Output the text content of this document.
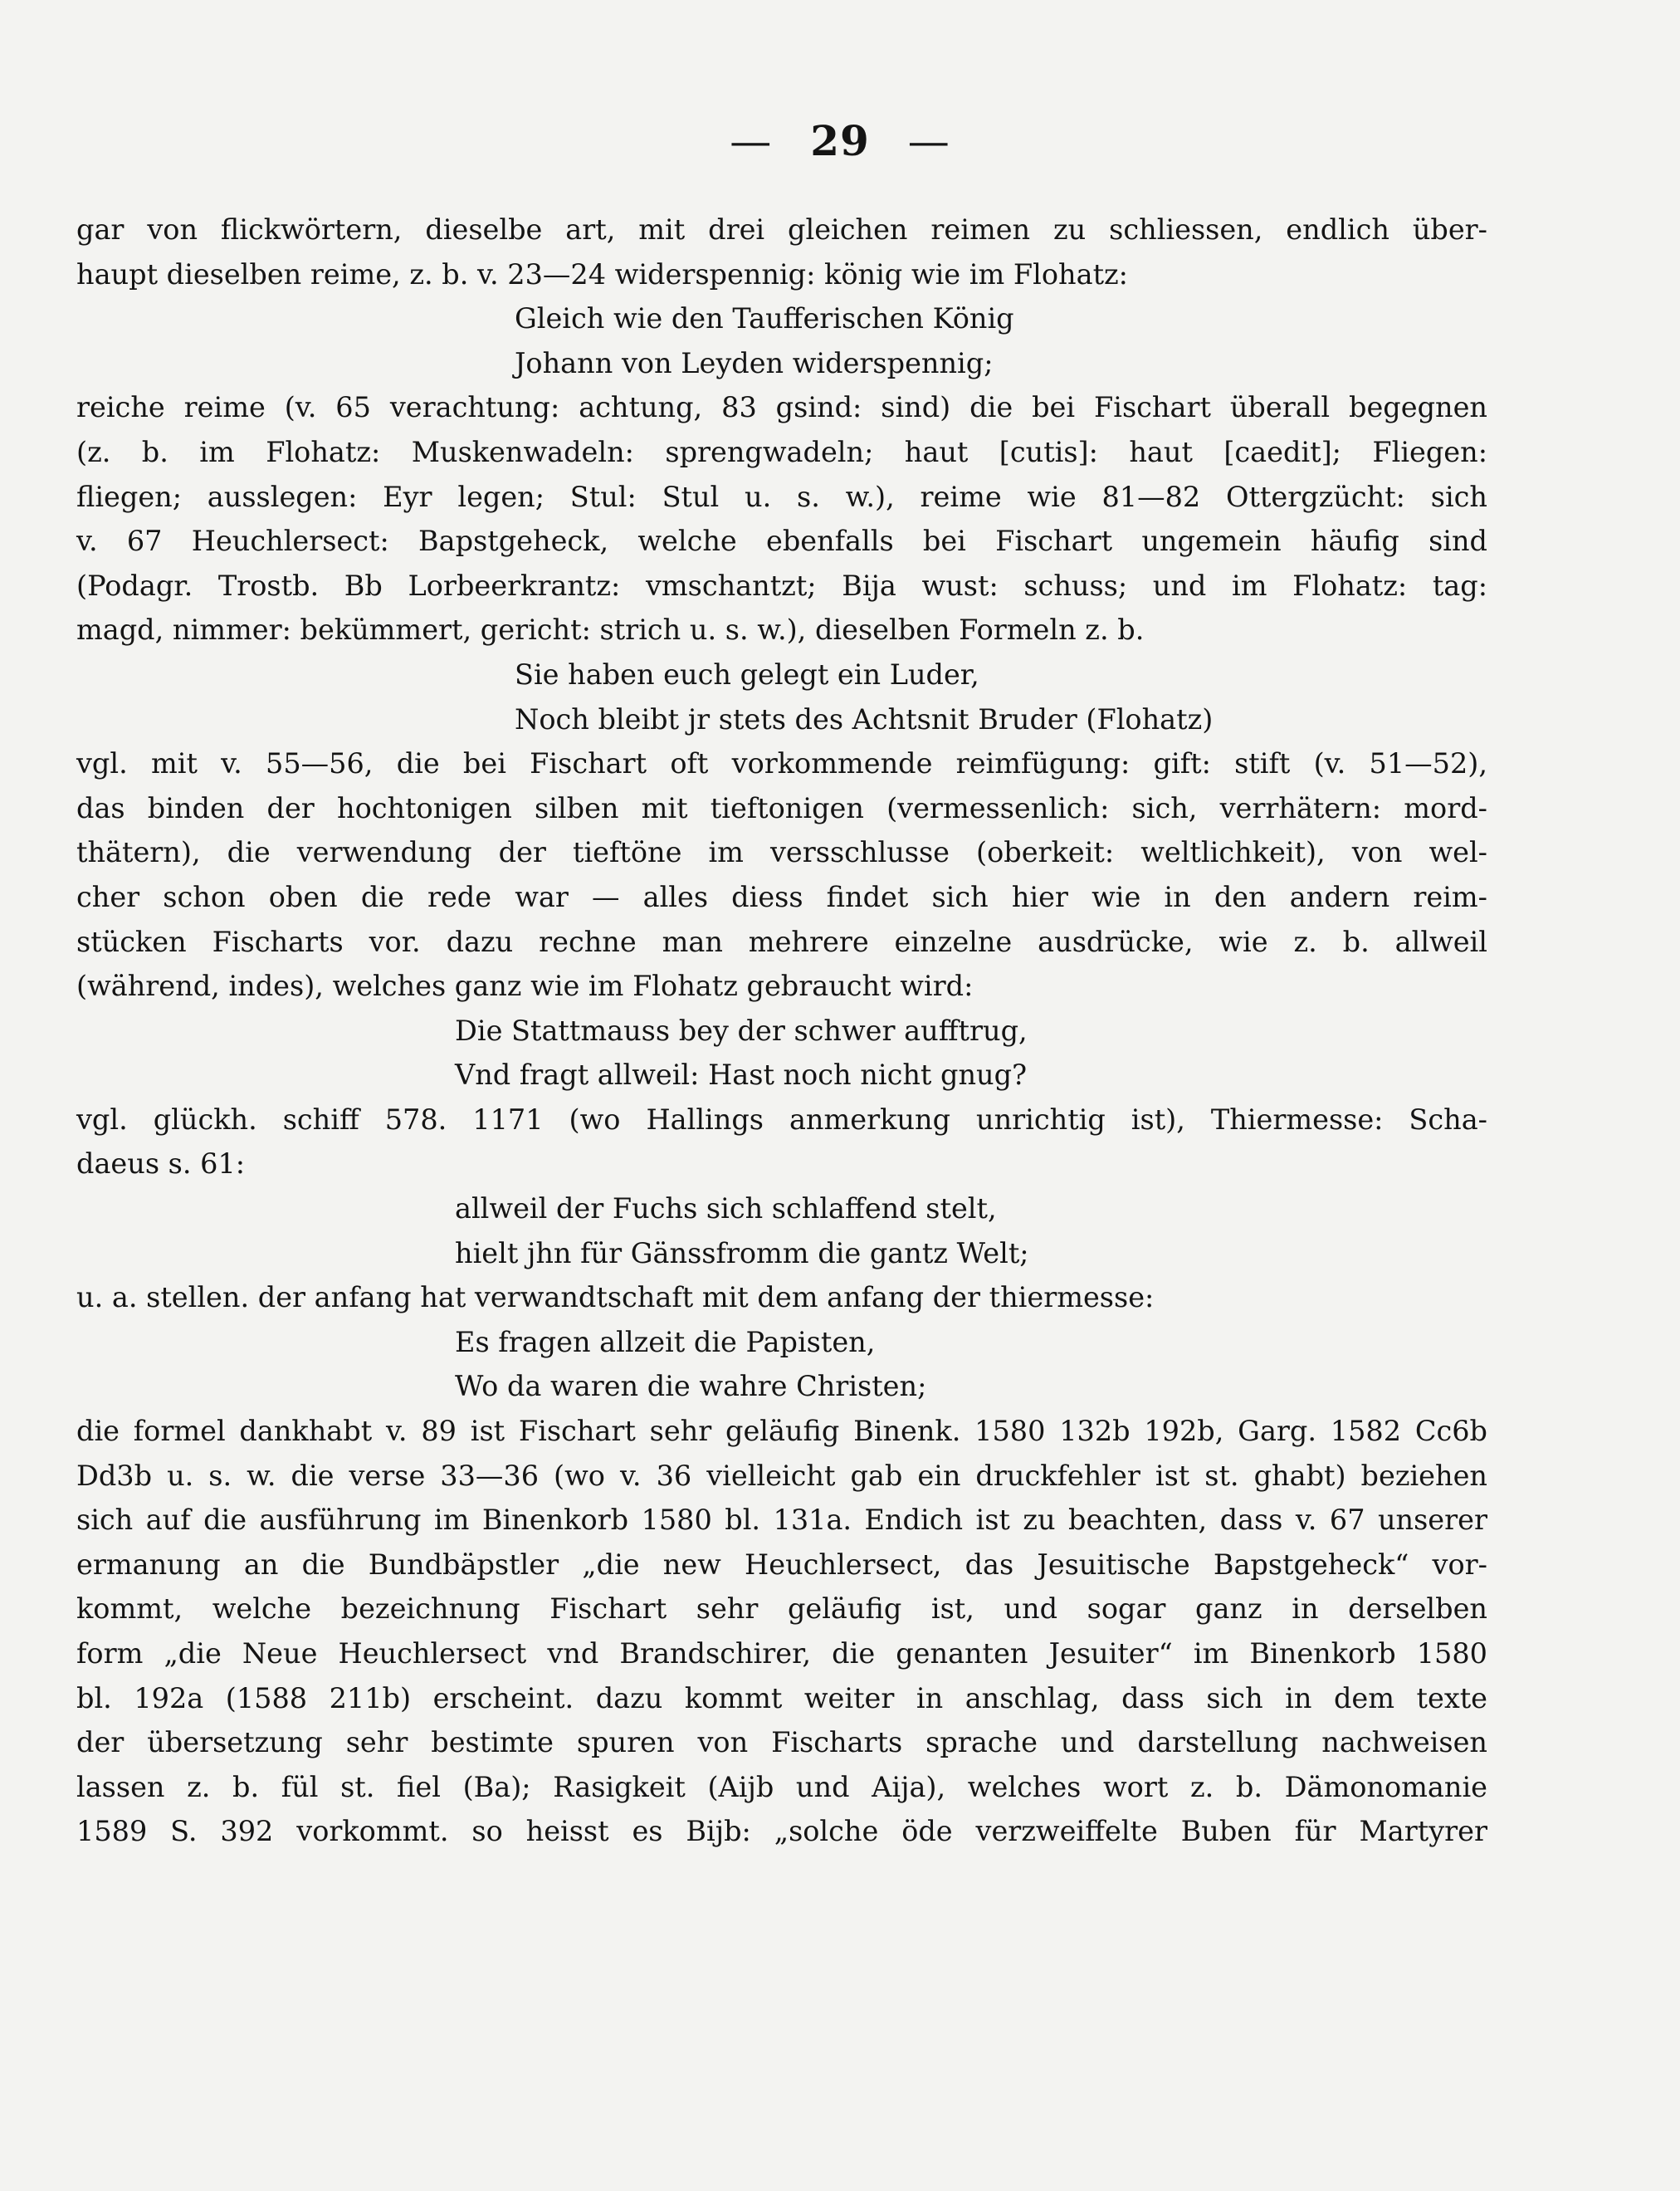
— 29 —
gar von flickwörtern, dieselbe art, mit drei gleichen reimen zu schliessen, endlich über-
haupt dieselben reime, z. b. v. 23—24 widerspennig: könig wie im Flohatz:
Gleich wie den Taufferischen König
Johann von Leyden widerspennig;
reiche reime (v. 65 verachtung: achtung, 83 gsind: sind) die bei Fischart überall begegnen
(z. b. im Flohatz: Muskenwadeln: sprengwadeln; haut [cutis]: haut [caedit]; Fliegen:
fliegen; ausslegen: Eyr legen; Stul: Stul u. s. w.), reime wie 81—82 Ottergzücht: sich
v. 67 Heuchlersect: Bapstgeheck, welche ebenfalls bei Fischart ungemein häufig sind
(Podagr. Trostb. Bb Lorbeerkrantz: vmschantzt; Bija wust: schuss; und im Flohatz: tag:
magd, nimmer: bekümmert, gericht: strich u. s. w.), dieselben Formeln z. b.
Sie haben euch gelegt ein Luder,
Noch bleibt jr stets des Achtsnit Bruder (Flohatz)
vgl. mit v. 55—56, die bei Fischart oft vorkommende reimfügung: gift: stift (v. 51—52),
das binden der hochtonigen silben mit tieftonigen (vermessenlich: sich, verrhätern: mord-
thätern), die verwendung der tieftöne im versschlusse (oberkeit: weltlichkeit), von wel-
cher schon oben die rede war — alles diess findet sich hier wie in den andern reim-
stücken Fischarts vor. dazu rechne man mehrere einzelne ausdrücke, wie z. b. allweil
(während, indes), welches ganz wie im Flohatz gebraucht wird:
Die Stattmauss bey der schwer aufftrug,
Vnd fragt allweil: Hast noch nicht gnug?
vgl. glückh. schiff 578. 1171 (wo Hallings anmerkung unrichtig ist), Thiermesse: Scha-
daeus s. 61:
allweil der Fuchs sich schlaffend stelt,
hielt jhn für Gänssfromm die gantz Welt;
u. a. stellen. der anfang hat verwandtschaft mit dem anfang der thiermesse:
Es fragen allzeit die Papisten,
Wo da waren die wahre Christen;
die formel dankhabt v. 89 ist Fischart sehr geläufig Binenk. 1580 132b 192b, Garg. 1582 Cc6b
Dd3b u. s. w. die verse 33—36 (wo v. 36 vielleicht gab ein druckfehler ist st. ghabt) beziehen
sich auf die ausführung im Binenkorb 1580 bl. 131a. Endich ist zu beachten, dass v. 67 unserer
ermanung an die Bundbäpstler „die new Heuchlersect, das Jesuitische Bapstgeheck“ vor-
kommt, welche bezeichnung Fischart sehr geläufig ist, und sogar ganz in derselben
form „die Neue Heuchlersect vnd Brandschirer, die genanten Jesuiter“ im Binenkorb 1580
bl. 192a (1588 211b) erscheint. dazu kommt weiter in anschlag, dass sich in dem texte
der übersetzung sehr bestimte spuren von Fischarts sprache und darstellung nachweisen
lassen z. b. fül st. fiel (Ba); Rasigkeit (Aijb und Aija), welches wort z. b. Dämonomanie
1589 S. 392 vorkommt. so heisst es Bijb: „solche öde verzweiffelte Buben für Martyrer
